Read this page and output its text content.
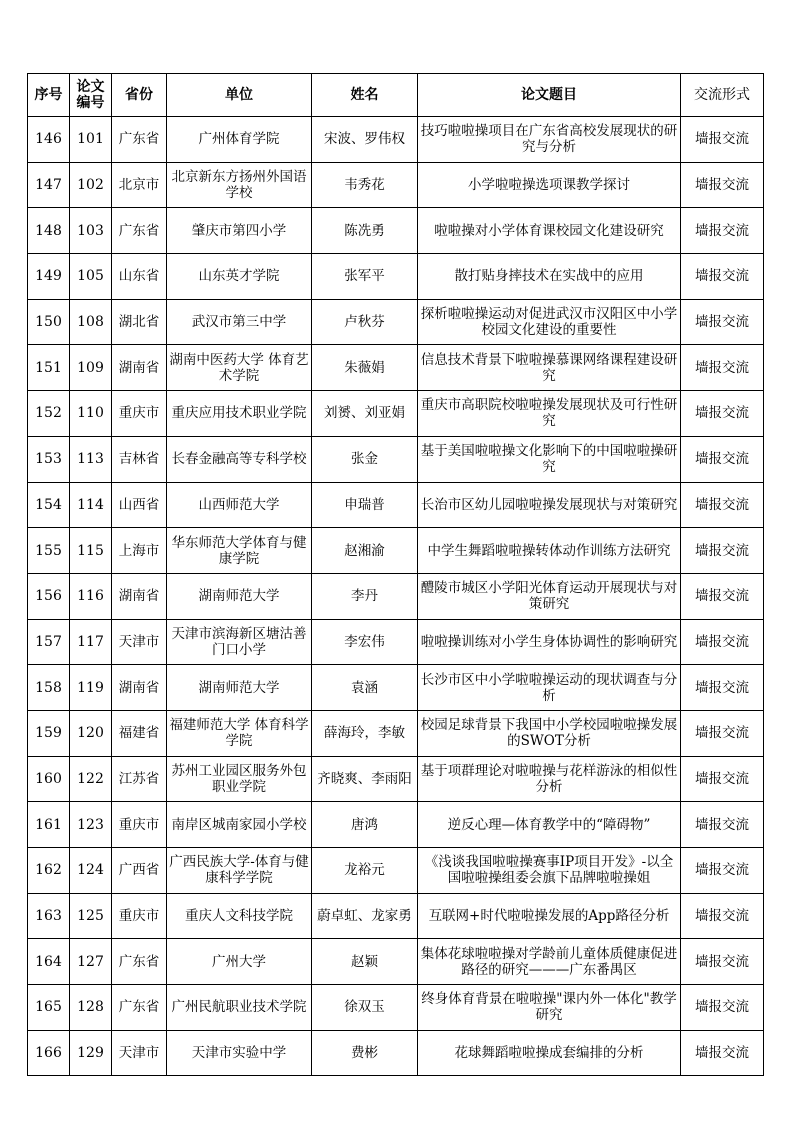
序号	论文编号	省份	单位	姓名	论文题目	交流形式
146	101	广东省	广州体育学院	宋波、罗伟权	技巧啦啦操项目在广东省高校发展现状的研究与分析	墙报交流
147	102	北京市	北京新东方扬州外国语学校	韦秀花	小学啦啦操选项课教学探讨	墙报交流
148	103	广东省	肇庆市第四小学	陈冼勇	啦啦操对小学体育课校园文化建设研究	墙报交流
149	105	山东省	山东英才学院	张军平	散打贴身摔技术在实战中的应用	墙报交流
150	108	湖北省	武汉市第三中学	卢秋芬	探析啦啦操运动对促进武汉市汉阳区中小学校园文化建设的重要性	墙报交流
151	109	湖南省	湖南中医药大学 体育艺术学院	朱薇娟	信息技术背景下啦啦操慕课网络课程建设研究	墙报交流
152	110	重庆市	重庆应用技术职业学院	刘赟、刘亚娟	重庆市高职院校啦啦操发展现状及可行性研究	墙报交流
153	113	吉林省	长春金融高等专科学校	张金	基于美国啦啦操文化影响下的中国啦啦操研究	墙报交流
154	114	山西省	山西师范大学	申瑞普	长治市区幼儿园啦啦操发展现状与对策研究	墙报交流
155	115	上海市	华东师范大学体育与健康学院	赵湘渝	中学生舞蹈啦啦操转体动作训练方法研究	墙报交流
156	116	湖南省	湖南师范大学	李丹	醴陵市城区小学阳光体育运动开展现状与对策研究	墙报交流
157	117	天津市	天津市滨海新区塘沽善门口小学	李宏伟	啦啦操训练对小学生身体协调性的影响研究	墙报交流
158	119	湖南省	湖南师范大学	袁涵	长沙市区中小学啦啦操运动的现状调查与分析	墙报交流
159	120	福建省	福建师范大学 体育科学学院	薛海玲，李敏	校园足球背景下我国中小学校园啦啦操发展的SWOT分析	墙报交流
160	122	江苏省	苏州工业园区服务外包职业学院	齐晓爽、李雨阳	基于项群理论对啦啦操与花样游泳的相似性分析	墙报交流
161	123	重庆市	南岸区城南家园小学校	唐鸿	逆反心理—体育教学中的“障碍物”	墙报交流
162	124	广西省	广西民族大学-体育与健康科学学院	龙裕元	《浅谈我国啦啦操赛事IP项目开发》-以全国啦啦操组委会旗下品牌啦啦操姐	墙报交流
163	125	重庆市	重庆人文科技学院	蔚卓虹、龙家勇	互联网+时代啦啦操发展的App路径分析	墙报交流
164	127	广东省	广州大学	赵颖	集体花球啦啦操对学龄前儿童体质健康促进路径的研究———广东番禺区	墙报交流
165	128	广东省	广州民航职业技术学院	徐双玉	终身体育背景在啦啦操"课内外一体化"教学研究	墙报交流
166	129	天津市	天津市实验中学	费彬	花球舞蹈啦啦操成套编排的分析	墙报交流
